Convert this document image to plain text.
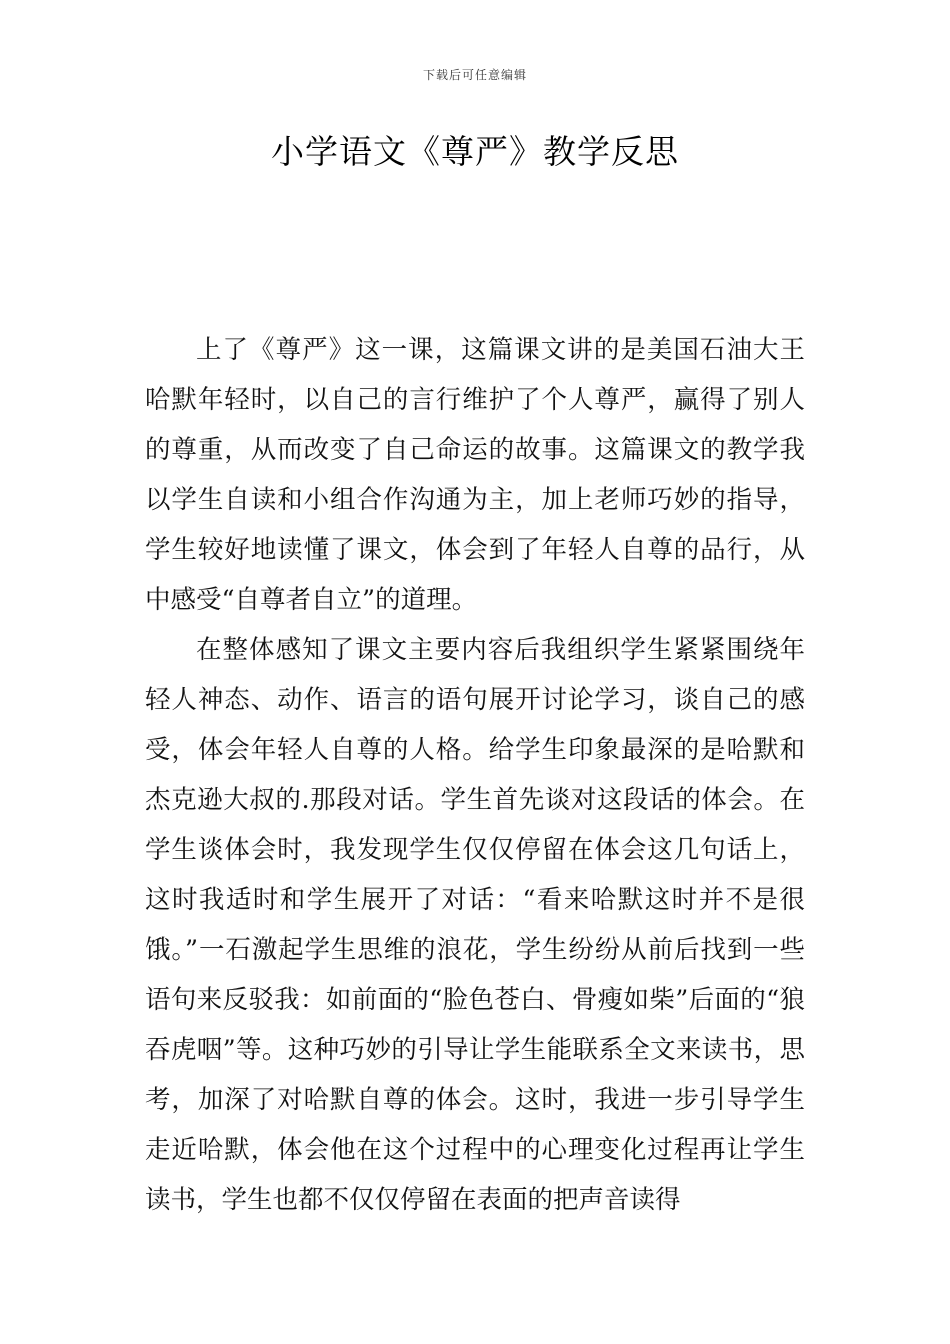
下载后可任意编辑
小学语文《尊严》教学反思

上了《尊严》这一课，这篇课文讲的是美国石油大王哈默年轻时，以自己的言行维护了个人尊严，赢得了别人的尊重，从而改变了自己命运的故事。这篇课文的教学我以学生自读和小组合作沟通为主，加上老师巧妙的指导，学生较好地读懂了课文，体会到了年轻人自尊的品行，从中感受“自尊者自立”的道理。

在整体感知了课文主要内容后我组织学生紧紧围绕年轻人神态、动作、语言的语句展开讨论学习，谈自己的感受，体会年轻人自尊的人格。给学生印象最深的是哈默和杰克逊大叔的.那段对话。学生首先谈对这段话的体会。在学生谈体会时，我发现学生仅仅停留在体会这几句话上，这时我适时和学生展开了对话：“看来哈默这时并不是很饿。”一石激起学生思维的浪花，学生纷纷从前后找到一些语句来反驳我：如前面的“脸色苍白、骨瘦如柴”后面的“狼吞虎咽”等。这种巧妙的引导让学生能联系全文来读书，思考，加深了对哈默自尊的体会。这时，我进一步引导学生走近哈默，体会他在这个过程中的心理变化过程再让学生读书，学生也都不仅仅停留在表面的把声音读得
